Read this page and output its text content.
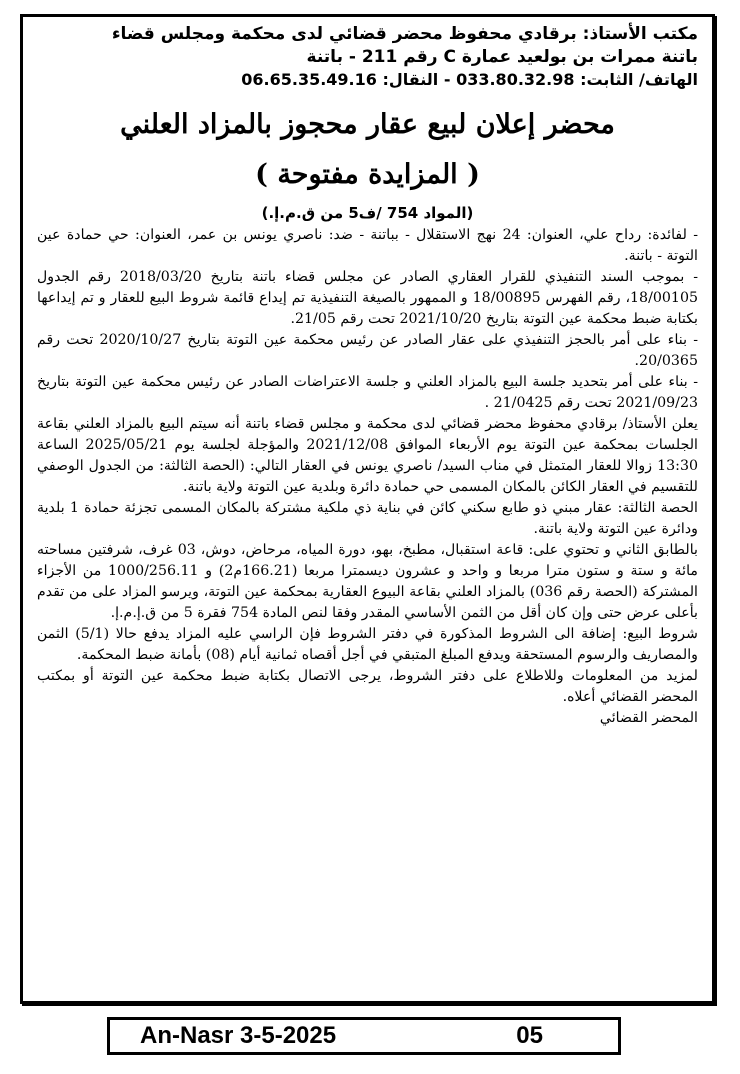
مكتب الأستاذ: برقادي محفوظ محضر قضائي لدى محكمة ومجلس قضاء
باتنة ممرات بن بولعيد عمارة C رقم 211 - باتنة
الهاتف/ الثابت: 033.80.32.98 - النقال: 06.65.35.49.16
محضر إعلان لبيع عقار محجوز بالمزاد العلني
( المزايدة مفتوحة )
(المواد 754 /ف5 من ق.م.إ.)

- لفائدة: رداح علي، العنوان: 24 نهج الاستقلال - بباتنة - ضد: ناصري يونس بن عمر، العنوان: حي حمادة عين التوتة - باتنة.

- بموجب السند التنفيذي للقرار العقاري الصادر عن مجلس قضاء باتنة بتاريخ 2018/03/20 رقم الجدول 18/00105، رقم الفهرس 18/00895 و الممهور بالصيغة التنفيذية تم إيداع قائمة شروط البيع للعقار و تم إيداعها بكتابة ضبط محكمة عين التوتة بتاريخ 2021/10/20 تحت رقم 21/05.

- بناء على أمر بالحجز التنفيذي على عقار الصادر عن رئيس محكمة عين التوتة بتاريخ 2020/10/27 تحت رقم 20/0365.

- بناء على أمر بتحديد جلسة البيع بالمزاد العلني و جلسة الاعتراضات الصادر عن رئيس محكمة عين التوتة بتاريخ 2021/09/23 تحت رقم 21/0425 .

يعلن الأستاذ/ برقادي محفوظ محضر قضائي لدى محكمة و مجلس قضاء باتنة أنه سيتم البيع بالمزاد العلني بقاعة الجلسات بمحكمة عين التوتة يوم الأربعاء الموافق 2021/12/08 والمؤجلة لجلسة يوم 2025/05/21 الساعة 13:30 زوالا للعقار المتمثل في مناب السيد/ ناصري يونس في العقار التالي: (الحصة الثالثة: من الجدول الوصفي للتقسيم في العقار الكائن بالمكان المسمى حي حمادة دائرة وبلدية عين التوتة ولاية باتنة.

الحصة الثالثة: عقار مبني ذو طابع سكني كائن في بناية ذي ملكية مشتركة بالمكان المسمى تجزئة حمادة 1 بلدية ودائرة عين التوتة ولاية باتنة.

بالطابق الثاني و تحتوي على: قاعة استقبال، مطبخ، بهو، دورة المياه، مرحاض، دوش، 03 غرف، شرفتين مساحته مائة و ستة و ستون مترا مربعا و واحد و عشرون ديسمترا مربعا (166.21م2) و 1000/256.11 من الأجزاء المشتركة (الحصة رقم 036) بالمزاد العلني بقاعة البيوع العقارية بمحكمة عين التوتة، ويرسو المزاد على من تقدم بأعلى عرض حتى وإن كان أقل من الثمن الأساسي المقدر وفقا لنص المادة 754 فقرة 5 من ق.إ.م.إ.

شروط البيع: إضافة الى الشروط المذكورة في دفتر الشروط فإن الراسي عليه المزاد يدفع حالا (5/1) الثمن والمصاريف والرسوم المستحقة ويدفع المبلغ المتبقي في أجل أقصاه ثمانية أيام (08) بأمانة ضبط المحكمة.

لمزيد من المعلومات وللاطلاع على دفتر الشروط، يرجى الاتصال بكتابة ضبط محكمة عين التوتة أو بمكتب المحضر القضائي أعلاه.

المحضر القضائي

An-Nasr 3-5-2025	05
